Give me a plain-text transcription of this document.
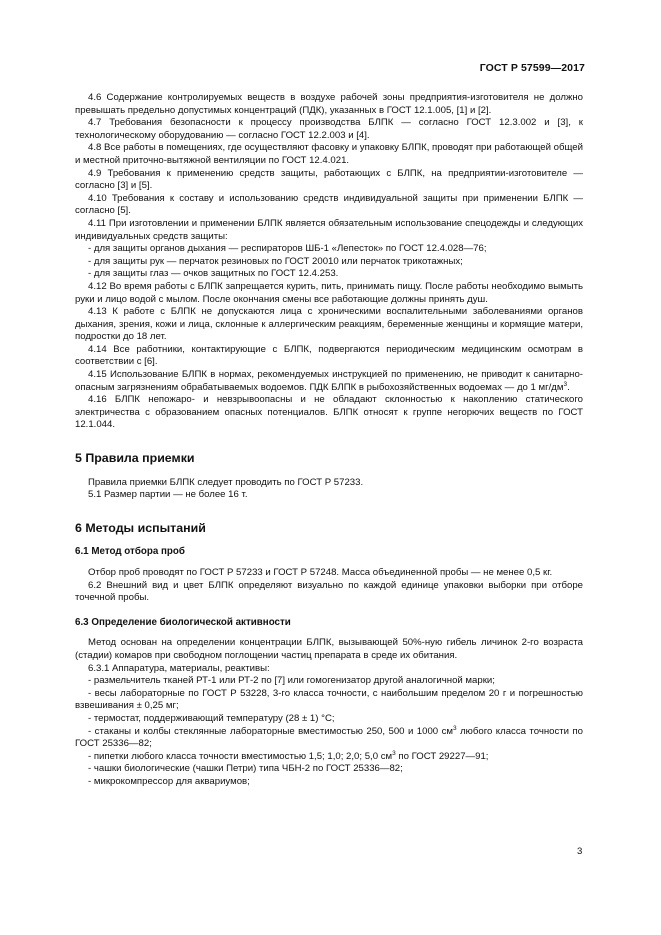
ГОСТ Р 57599—2017

4.6 Содержание контролируемых веществ в воздухе рабочей зоны предприятия-изготовителя не должно превышать предельно допустимых концентраций (ПДК), указанных в ГОСТ 12.1.005, [1] и [2].

4.7 Требования безопасности к процессу производства БЛПК — согласно ГОСТ 12.3.002 и [3], к технологическому оборудованию — согласно ГОСТ 12.2.003 и [4].

4.8 Все работы в помещениях, где осуществляют фасовку и упаковку БЛПК, проводят при работающей общей и местной приточно-вытяжной вентиляции по ГОСТ 12.4.021.

4.9 Требования к применению средств защиты, работающих с БЛПК, на предприятии-изготовителе — согласно [3] и [5].

4.10 Требования к составу и использованию средств индивидуальной защиты при применении БЛПК — согласно [5].

4.11 При изготовлении и применении БЛПК является обязательным использование спецодежды и следующих индивидуальных средств защиты:

- для защиты органов дыхания — респираторов ШБ-1 «Лепесток» по ГОСТ 12.4.028—76;

- для защиты рук — перчаток резиновых по ГОСТ 20010 или перчаток трикотажных;

- для защиты глаз — очков защитных по ГОСТ 12.4.253.

4.12 Во время работы с БЛПК запрещается курить, пить, принимать пищу. После работы необходимо вымыть руки и лицо водой с мылом. После окончания смены все работающие должны принять душ.

4.13 К работе с БЛПК не допускаются лица с хроническими воспалительными заболеваниями органов дыхания, зрения, кожи и лица, склонные к аллергическим реакциям, беременные женщины и кормящие матери, подростки до 18 лет.

4.14 Все работники, контактирующие с БЛПК, подвергаются периодическим медицинским осмотрам в соответствии с [6].

4.15 Использование БЛПК в нормах, рекомендуемых инструкцией по применению, не приводит к санитарно-опасным загрязнениям обрабатываемых водоемов. ПДК БЛПК в рыбохозяйственных водоемах — до 1 $мг/дм^3$.

4.16 БЛПК непожаро- и невзрывоопасны и не обладают склонностью к накоплению статического электричества с образованием опасных потенциалов. БЛПК относят к группе негорючих веществ по ГОСТ 12.1.044.

5 Правила приемки

Правила приемки БЛПК следует проводить по ГОСТ Р 57233.

5.1 Размер партии — не более 16 т.

6 Методы испытаний
6.1 Метод отбора проб

Отбор проб проводят по ГОСТ Р 57233 и ГОСТ Р 57248. Масса объединенной пробы — не менее 0,5 кг.

6.2 Внешний вид и цвет БЛПК определяют визуально по каждой единице упаковки выборки при отборе точечной пробы.

6.3 Определение биологической активности

Метод основан на определении концентрации БЛПК, вызывающей 50%-ную гибель личинок 2-го возраста (стадии) комаров при свободном поглощении частиц препарата в среде их обитания.

6.3.1 Аппаратура, материалы, реактивы:

- размельчитель тканей РТ-1 или РТ-2 по [7] или гомогенизатор другой аналогичной марки;

- весы лабораторные по ГОСТ Р 53228, 3-го класса точности, с наибольшим пределом 20 г и погрешностью взвешивания ± 0,25 мг;

- термостат, поддерживающий температуру (28 ± 1) °С;

- стаканы и колбы стеклянные лабораторные вместимостью 250, 500 и 1000 $см^3$ любого класса точности по ГОСТ 25336—82;

- пипетки любого класса точности вместимостью 1,5; 1,0; 2,0; 5,0 $см^3$ по ГОСТ 29227—91;

- чашки биологические (чашки Петри) типа ЧБН-2 по ГОСТ 25336—82;

- микрокомпрессор для аквариумов;

3
